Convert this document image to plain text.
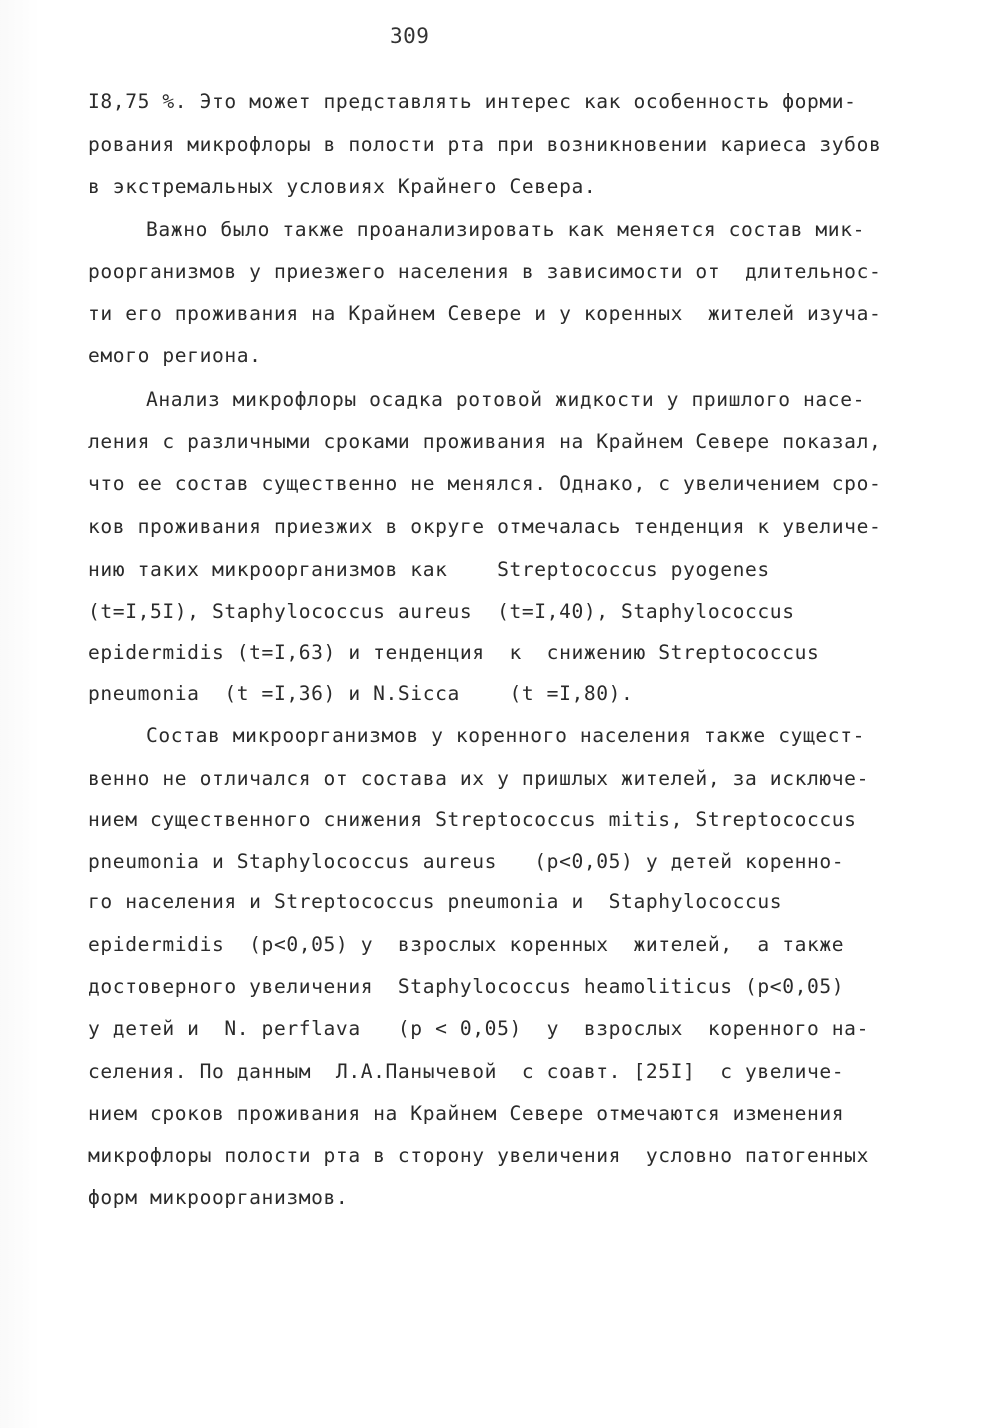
309
I8,75 %. Это может представлять интерес как особенность форми-
рования микрофлоры в полости рта при возникновении кариеса зубов
в экстремальных условиях Крайнего Севера.
Важно было также проанализировать как меняется состав мик-
роорганизмов у приезжего населения в зависимости от  длительнос-
ти его проживания на Крайнем Севере и у коренных  жителей изуча-
емого региона.
Анализ микрофлоры осадка ротовой жидкости у пришлого насе-
ления с различными сроками проживания на Крайнем Севере показал,
что ее состав существенно не менялся. Однако, с увеличением сро-
ков проживания приезжих в округе отмечалась тенденция к увеличе-
нию таких микроорганизмов как    Streptococcus pyogenes
(t=I,5I), Staphylococcus aureus  (t=I,40), Staphylococcus
epidermidis (t=I,63) и тенденция  к  снижению Streptococcus
pneumonia  (t =I,36) и N.Sicca    (t =I,80).
Состав микроорганизмов у коренного населения также сущест-
венно не отличался от состава их у пришлых жителей, за исключе-
нием существенного снижения Streptococcus mitis, Streptococcus
pneumonia и Staphylococcus aureus   (p<0,05) у детей коренно-
го населения и Streptococcus pneumonia и  Staphylococcus
epidermidis  (p<0,05) у  взрослых коренных  жителей,  а также
достоверного увеличения  Staphylococcus heamoliticus (p<0,05)
у детей и  N. perflava   (p < 0,05)  у  взрослых  коренного на-
селения. По данным  Л.А.Панычевой  с соавт. [25I]  с увеличе-
нием сроков проживания на Крайнем Севере отмечаются изменения
микрофлоры полости рта в сторону увеличения  условно патогенных
форм микроорганизмов.
